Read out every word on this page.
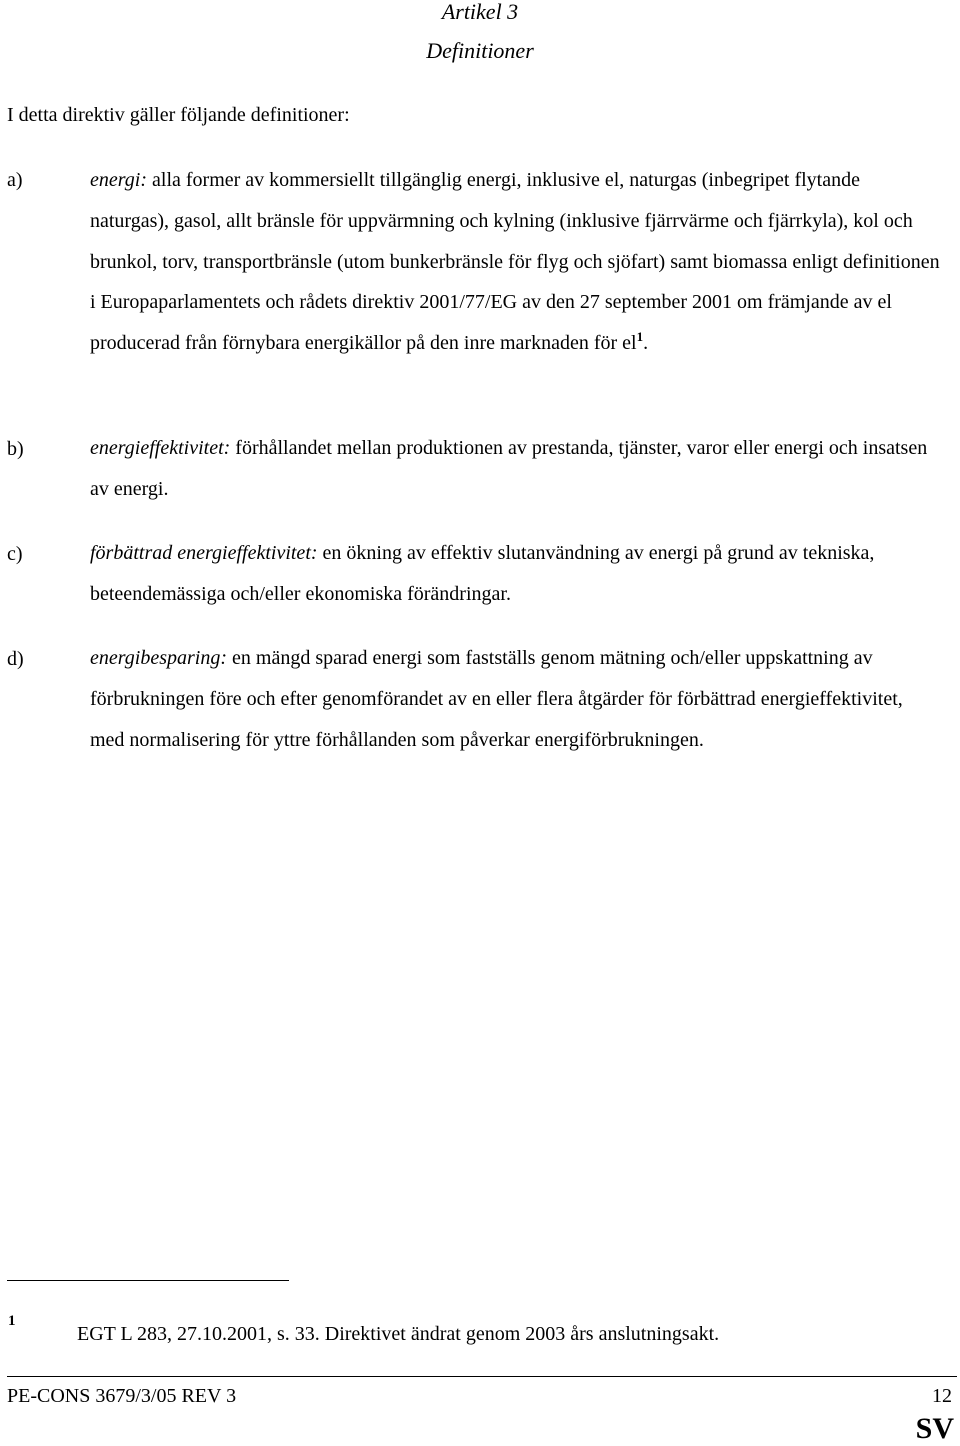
Artikel 3
Definitioner
I detta direktiv gäller följande definitioner:
a)	energi: alla former av kommersiellt tillgänglig energi, inklusive el, naturgas (inbegripet flytande naturgas), gasol, allt bränsle för uppvärmning och kylning (inklusive fjärrvärme och fjärrkyla), kol och brunkol, torv, transportbränsle (utom bunkerbränsle för flyg och sjöfart) samt biomassa enligt definitionen i Europaparlamentets och rådets direktiv 2001/77/EG av den 27 september 2001 om främjande av el producerad från förnybara energikällor på den inre marknaden för $el^1$.
b)	energieffektivitet: förhållandet mellan produktionen av prestanda, tjänster, varor eller energi och insatsen av energi.
c)	förbättrad energieffektivitet: en ökning av effektiv slutanvändning av energi på grund av tekniska, beteendemässiga och/eller ekonomiska förändringar.
d)	energibesparing: en mängd sparad energi som fastställs genom mätning och/eller uppskattning av förbrukningen före och efter genomförandet av en eller flera åtgärder för förbättrad energieffektivitet, med normalisering för yttre förhållanden som påverkar energiförbrukningen.
1
EGT L 283, 27.10.2001, s. 33. Direktivet ändrat genom 2003 års anslutningsakt.
PE-CONS 3679/3/05 REV 3	12
SV
